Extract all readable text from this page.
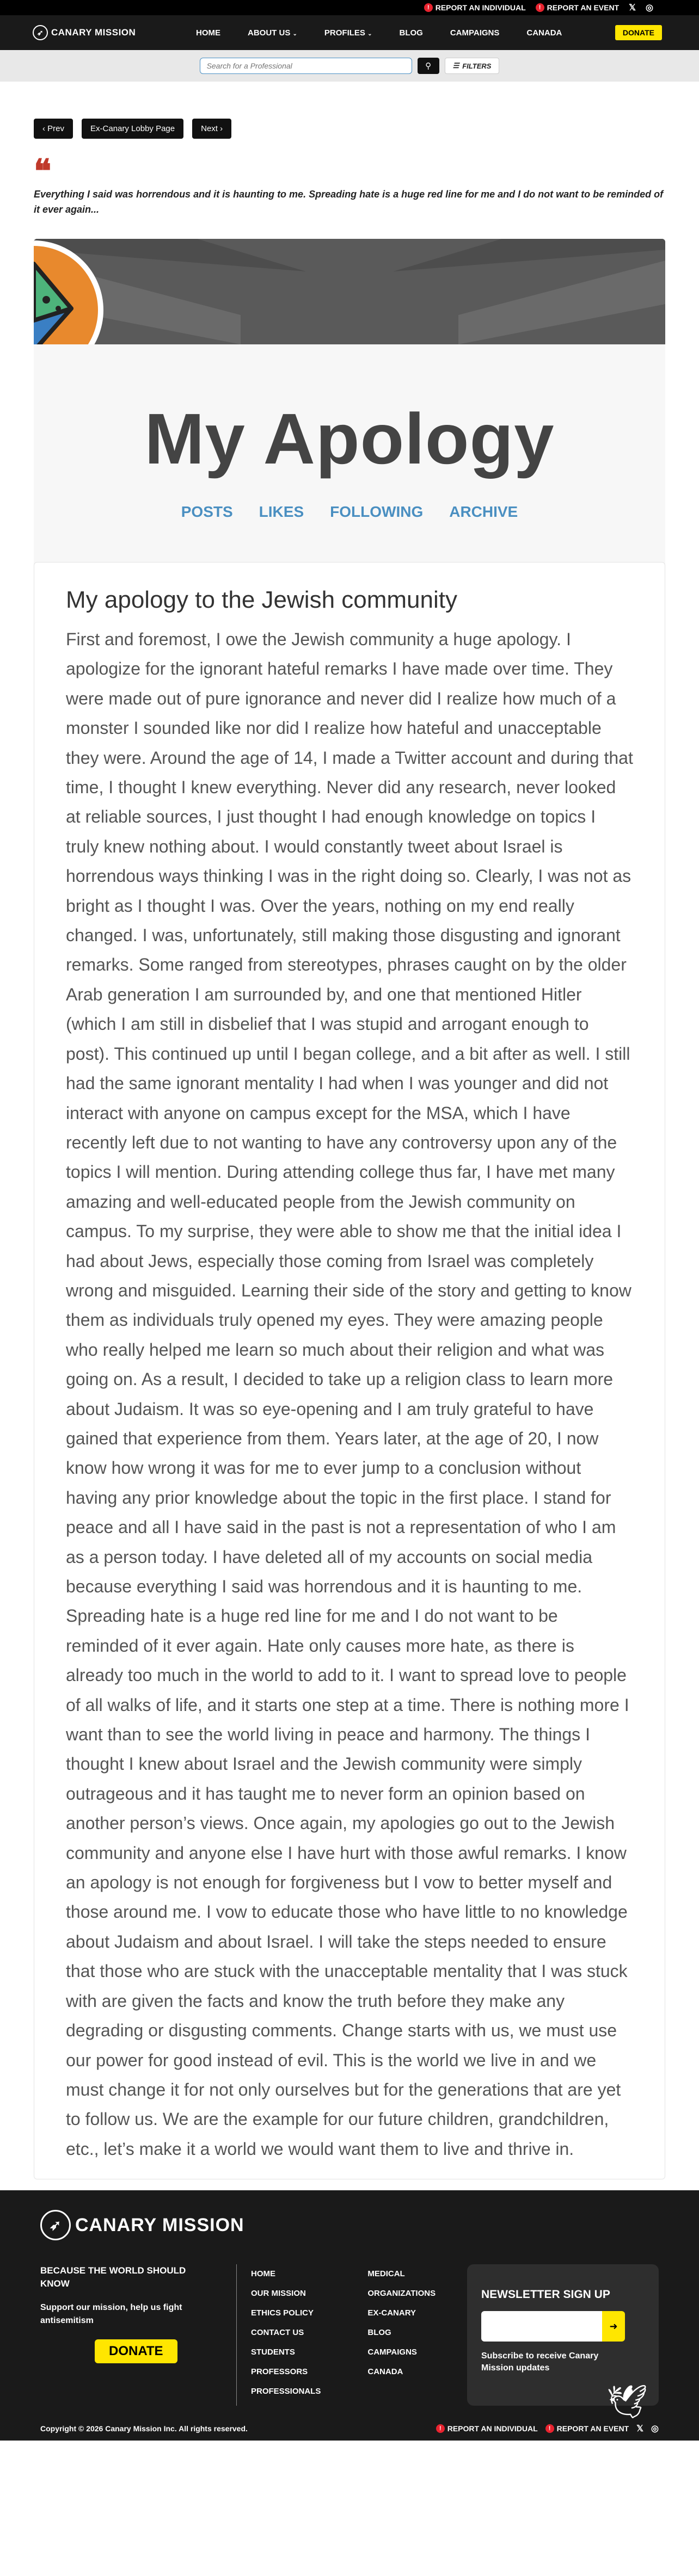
! REPORT AN INDIVIDUAL	! REPORT AN EVENT 𝕏 ◎
➶ CANARY MISSION	HOME	ABOUT US ⌄	PROFILES ⌄	BLOG	CAMPAIGNS	CANADA	DONATE
Search for a Professional
⚲	☰ FILTERS
‹ Prev	Ex-Canary Lobby Page	Next ›
❝
Everything I said was horrendous and it is haunting to me. Spreading hate is a huge red line for me and I do not want to be reminded of it ever again...
My Apology
POSTS LIKES FOLLOWING ARCHIVE
My apology to the Jewish community

First and foremost, I owe the Jewish community a huge apology. I apologize for the ignorant hateful remarks I have made over time. They were made out of pure ignorance and never did I realize how much of a monster I sounded like nor did I realize how hateful and unacceptable they were. Around the age of 14, I made a Twitter account and during that time, I thought I knew everything. Never did any research, never looked at reliable sources, I just thought I had enough knowledge on topics I truly knew nothing about. I would constantly tweet about Israel is horrendous ways thinking I was in the right doing so. Clearly, I was not as bright as I thought I was. Over the years, nothing on my end really changed. I was, unfortunately, still making those disgusting and ignorant remarks. Some ranged from stereotypes, phrases caught on by the older Arab generation I am surrounded by, and one that mentioned Hitler (which I am still in disbelief that I was stupid and arrogant enough to post). This continued up until I began college, and a bit after as well. I still had the same ignorant mentality I had when I was younger and did not interact with anyone on campus except for the MSA, which I have recently left due to not wanting to have any controversy upon any of the topics I will mention. During attending college thus far, I have met many amazing and well-educated people from the Jewish community on campus. To my surprise, they were able to show me that the initial idea I had about Jews, especially those coming from Israel was completely wrong and misguided. Learning their side of the story and getting to know them as individuals truly opened my eyes. They were amazing people who really helped me learn so much about their religion and what was going on. As a result, I decided to take up a religion class to learn more about Judaism. It was so eye-opening and I am truly grateful to have gained that experience from them. Years later, at the age of 20, I now know how wrong it was for me to ever jump to a conclusion without having any prior knowledge about the topic in the first place. I stand for peace and all I have said in the past is not a representation of who I am as a person today. I have deleted all of my accounts on social media because everything I said was horrendous and it is haunting to me. Spreading hate is a huge red line for me and I do not want to be reminded of it ever again. Hate only causes more hate, as there is already too much in the world to add to it. I want to spread love to people of all walks of life, and it starts one step at a time. There is nothing more I want than to see the world living in peace and harmony. The things I thought I knew about Israel and the Jewish community were simply outrageous and it has taught me to never form an opinion based on another person’s views. Once again, my apologies go out to the Jewish community and anyone else I have hurt with those awful remarks. I know an apology is not enough for forgiveness but I vow to better myself and those around me. I vow to educate those who have little to no knowledge about Judaism and about Israel. I will take the steps needed to ensure that those who are stuck with the unacceptable mentality that I was stuck with are given the facts and know the truth before they make any degrading or disgusting comments. Change starts with us, we must use our power for good instead of evil. This is the world we live in and we must change it for not only ourselves but for the generations that are yet to follow us. We are the example for our future children, grandchildren, etc., let’s make it a world we would want them to live and thrive in.

➶ CANARY MISSION
BECAUSE THE WORLD SHOULD KNOW
Support our mission, help us fight antisemitism
DONATE
HOME
OUR MISSION
ETHICS POLICY
CONTACT US
STUDENTS
PROFESSORS
PROFESSIONALS
MEDICAL
ORGANIZATIONS
EX-CANARY
BLOG
CAMPAIGNS
CANADA
NEWSLETTER SIGN UP
➜
Subscribe to receive Canary Mission updates
🕊
Copyright © 2026 Canary Mission Inc. All rights reserved.	! REPORT AN INDIVIDUAL	! REPORT AN EVENT 𝕏 ◎
